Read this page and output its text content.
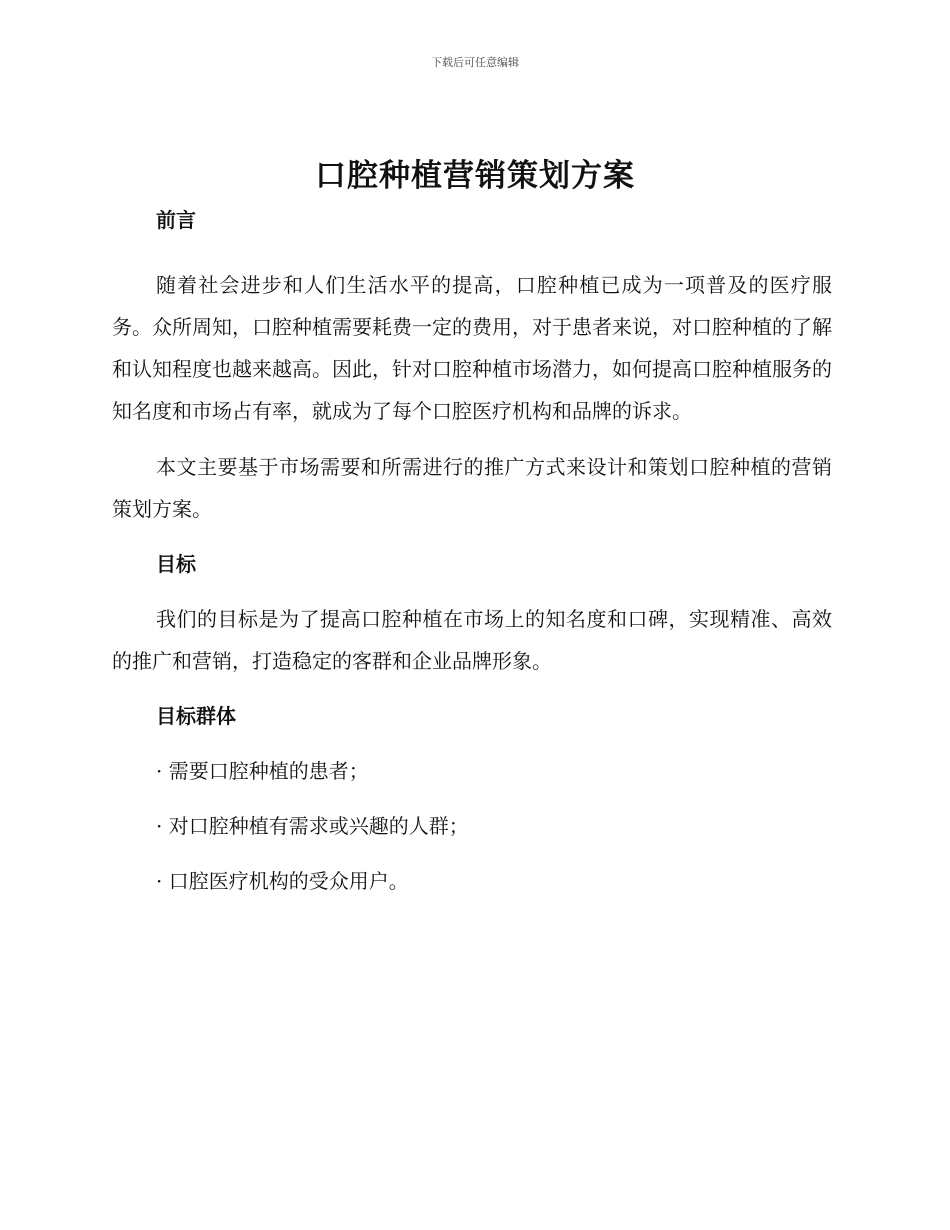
下载后可任意编辑
口腔种植营销策划方案

前言

随着社会进步和人们生活水平的提高，口腔种植已成为一项普及的医疗服务。众所周知，口腔种植需要耗费一定的费用，对于患者来说，对口腔种植的了解和认知程度也越来越高。因此，针对口腔种植市场潜力，如何提高口腔种植服务的知名度和市场占有率，就成为了每个口腔医疗机构和品牌的诉求。

本文主要基于市场需要和所需进行的推广方式来设计和策划口腔种植的营销策划方案。

目标

我们的目标是为了提高口腔种植在市场上的知名度和口碑，实现精准、高效的推广和营销，打造稳定的客群和企业品牌形象。

目标群体

· 需要口腔种植的患者；

· 对口腔种植有需求或兴趣的人群；

· 口腔医疗机构的受众用户。
